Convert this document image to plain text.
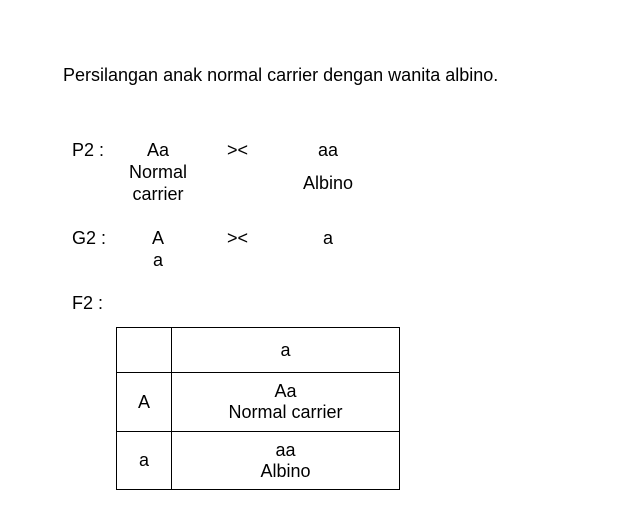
Persilangan anak normal carrier dengan wanita albino.
P2 :	Aa
Normal
carrier
><	aa
Albino
G2 :	A
a
><	a
F2 :
	a
A	Aa
Normal carrier

a	aa
Albino
